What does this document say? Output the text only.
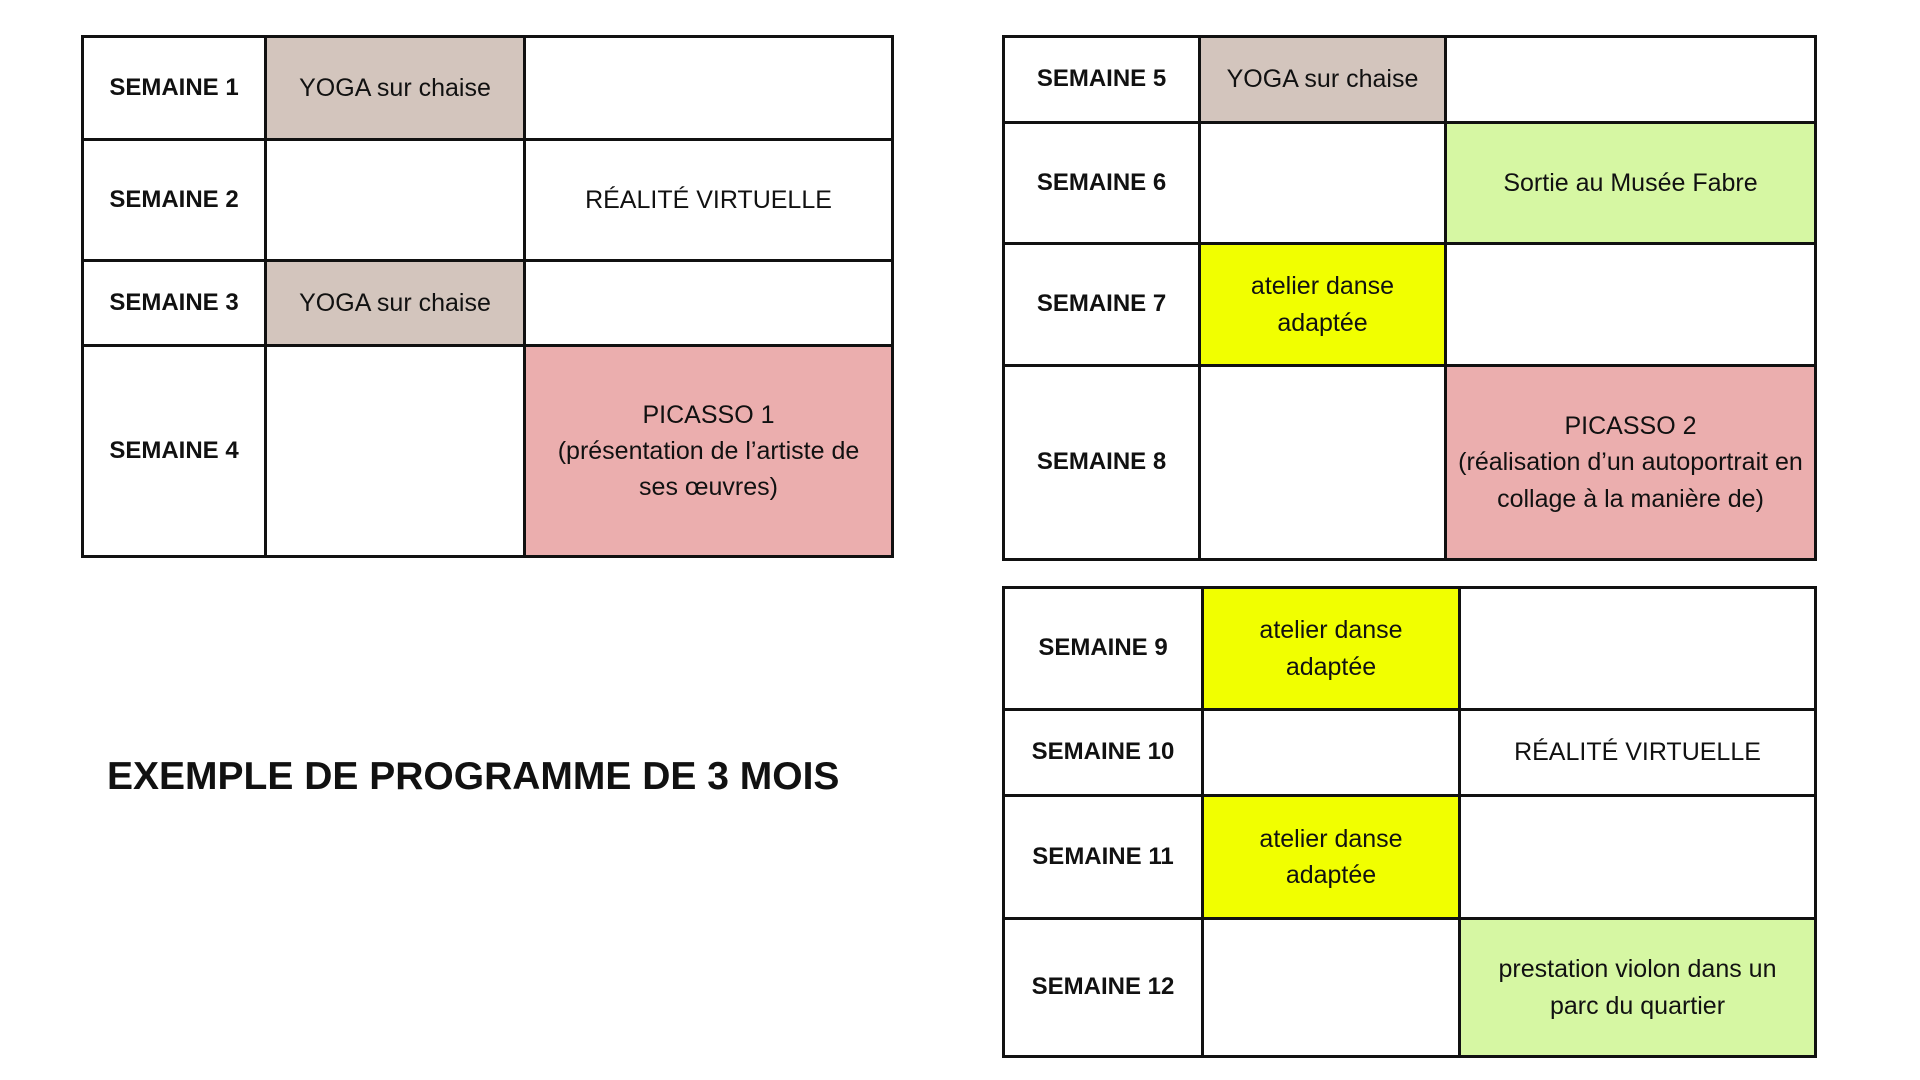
SEMAINE 1	YOGA sur chaise	
SEMAINE 2		RÉALITÉ VIRTUELLE
SEMAINE 3	YOGA sur chaise	
SEMAINE 4		PICASSO 1
(présentation de l’artiste de ses œuvres)
SEMAINE 5	YOGA sur chaise	
SEMAINE 6		Sortie au Musée Fabre
SEMAINE 7	atelier danse adaptée	
SEMAINE 8		PICASSO 2
(réalisation d’un autoportrait en collage à la manière de)
SEMAINE 9	atelier danse adaptée	
SEMAINE 10		RÉALITÉ VIRTUELLE
SEMAINE 11	atelier danse adaptée	
SEMAINE 12		prestation violon dans un parc du quartier
EXEMPLE DE PROGRAMME DE 3 MOIS
